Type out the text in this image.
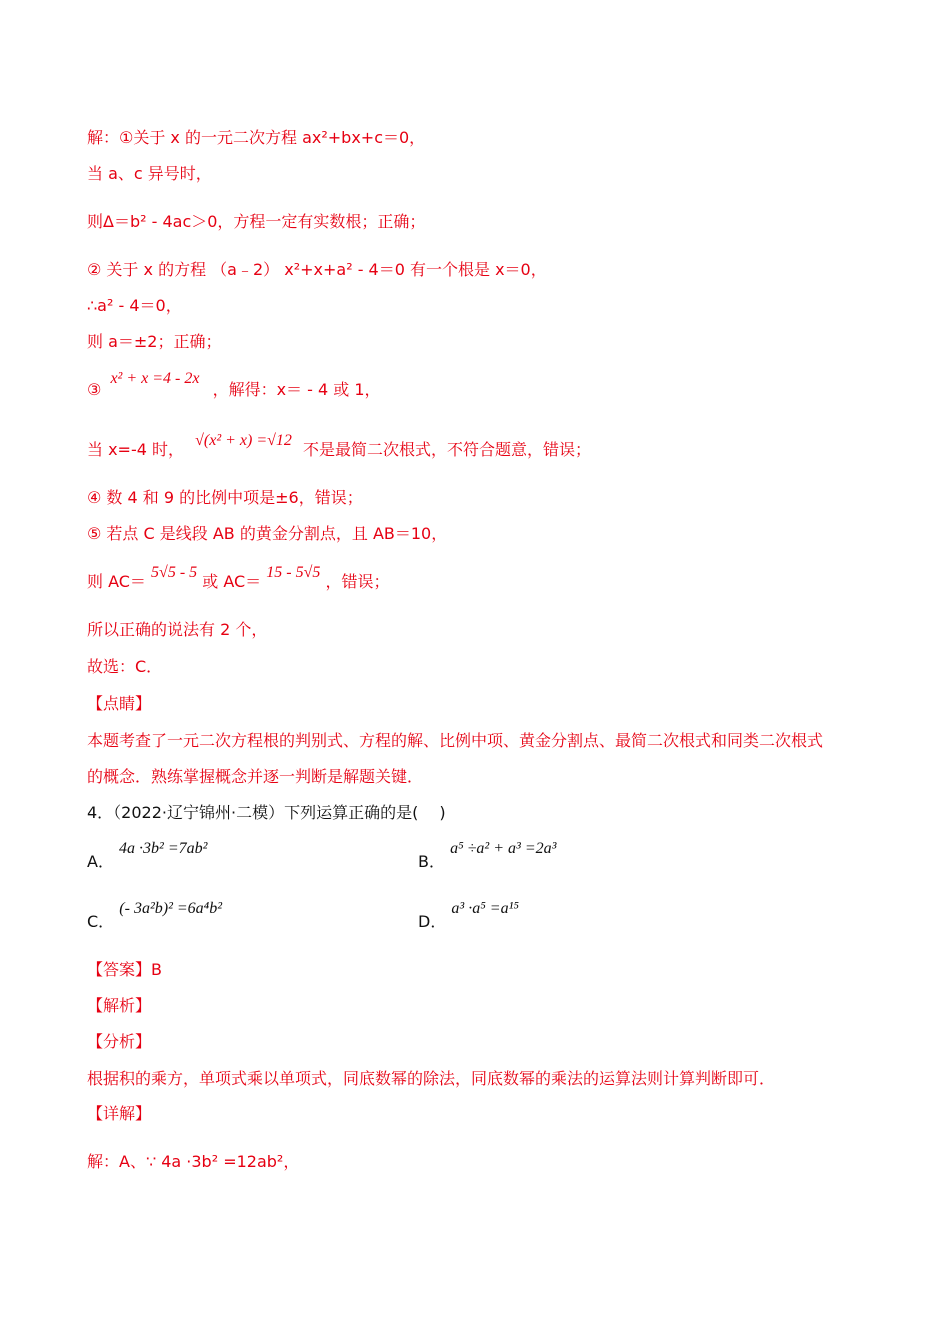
解：①关于 x 的一元二次方程 ax²+bx+c＝0，
当 a、c 异号时，
则Δ＝b² - 4ac＞0，方程一定有实数根；正确；
② 关于 x 的方程 （a﹣2） x²+x+a² - 4＝0 有一个根是 x＝0，
∴a² - 4＝0，
则 a＝±2；正确；
③ x² + x =4 - 2x ，解得：x＝ - 4 或 1，
当 x=-4 时， √(x² + x) =√12 不是最简二次根式，不符合题意，错误；
④ 数 4 和 9 的比例中项是±6，错误；
⑤ 若点 C 是线段 AB 的黄金分割点，且 AB＝10，
则 AC＝ 5√5 - 5 或 AC＝ 15 - 5√5 ，错误；
所以正确的说法有 2 个，
故选：C．
【点睛】
本题考查了一元二次方程根的判别式、方程的解、比例中项、黄金分割点、最简二次根式和同类二次根式
的概念．熟练掌握概念并逐一判断是解题关键．
4．（2022·辽宁锦州·二模）下列运算正确的是(　 )
A． 4a ·3b² =7ab²
B． a⁵ ÷a² + a³ =2a³
C． (- 3a²b)² =6a⁴b²
D． a³ ·a⁵ =a¹⁵
【答案】B
【解析】
【分析】
根据积的乘方，单项式乘以单项式，同底数幂的除法，同底数幂的乘法的运算法则计算判断即可．
【详解】
解：A、∵ 4a ·3b² =12ab²，
